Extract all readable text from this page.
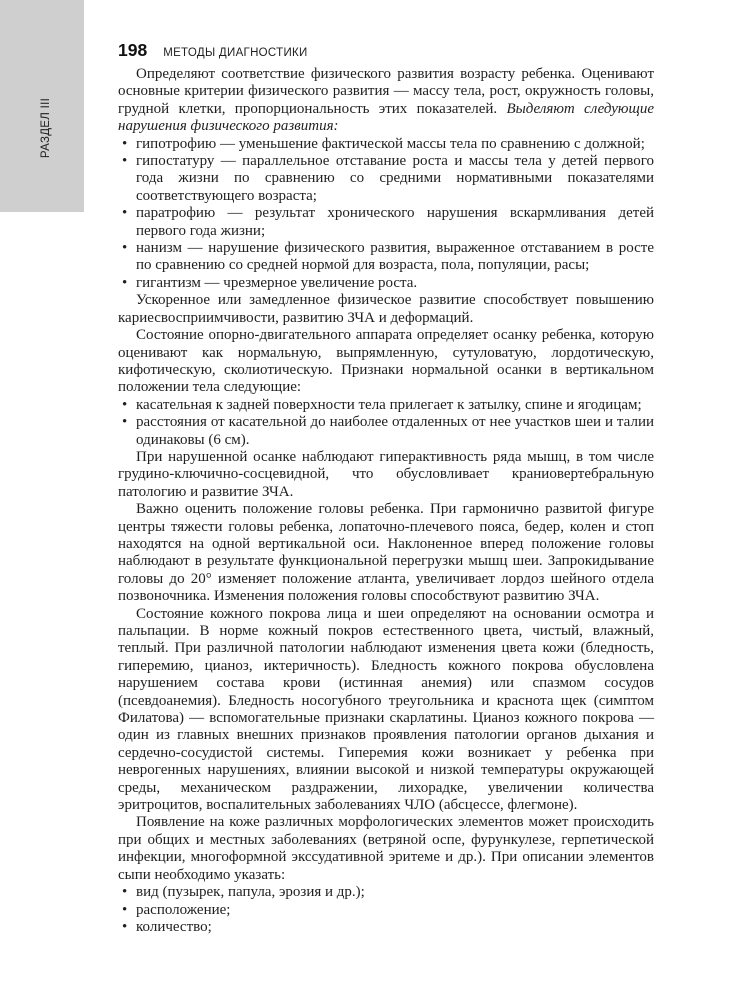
РАЗДЕЛ III
198 МЕТОДЫ ДИАГНОСТИКИ

Определяют соответствие физического развития возрасту ребенка. Оценивают основные критерии физического развития — массу тела, рост, окружность головы, грудной клетки, пропорциональность этих показателей. Выделяют следующие нарушения физического развития:

• гипотрофию — уменьшение фактической массы тела по сравнению с должной;
• гипостатуру — параллельное отставание роста и массы тела у детей первого года жизни по сравнению со средними нормативными показателями соответствующего возраста;
• паратрофию — результат хронического нарушения вскармливания детей первого года жизни;
• нанизм — нарушение физического развития, выраженное отставанием в росте по сравнению со средней нормой для возраста, пола, популяции, расы;
• гигантизм — чрезмерное увеличение роста.

Ускоренное или замедленное физическое развитие способствует повышению кариесвосприимчивости, развитию ЗЧА и деформаций.

Состояние опорно-двигательного аппарата определяет осанку ребенка, которую оценивают как нормальную, выпрямленную, сутуловатую, лордотическую, кифотическую, сколиотическую. Признаки нормальной осанки в вертикальном положении тела следующие:

• касательная к задней поверхности тела прилегает к затылку, спине и ягодицам;
• расстояния от касательной до наиболее отдаленных от нее участков шеи и талии одинаковы (6 см).

При нарушенной осанке наблюдают гиперактивность ряда мышц, в том числе грудино-ключично-сосцевидной, что обусловливает краниовертебральную патологию и развитие ЗЧА.

Важно оценить положение головы ребенка. При гармонично развитой фигуре центры тяжести головы ребенка, лопаточно-плечевого пояса, бедер, колен и стоп находятся на одной вертикальной оси. Наклоненное вперед положение головы наблюдают в результате функциональной перегрузки мышц шеи. Запрокидывание головы до 20° изменяет положение атланта, увеличивает лордоз шейного отдела позвоночника. Изменения положения головы способствуют развитию ЗЧА.

Состояние кожного покрова лица и шеи определяют на основании осмотра и пальпации. В норме кожный покров естественного цвета, чистый, влажный, теплый. При различной патологии наблюдают изменения цвета кожи (бледность, гиперемию, цианоз, иктеричность). Бледность кожного покрова обусловлена нарушением состава крови (истинная анемия) или спазмом сосудов (псевдоанемия). Бледность носогубного треугольника и краснота щек (симптом Филатова) — вспомогательные признаки скарлатины. Цианоз кожного покрова — один из главных внешних признаков проявления патологии органов дыхания и сердечно-сосудистой системы. Гиперемия кожи возникает у ребенка при неврогенных нарушениях, влиянии высокой и низкой температуры окружающей среды, механическом раздражении, лихорадке, увеличении количества эритроцитов, воспалительных заболеваниях ЧЛО (абсцессе, флегмоне).

Появление на коже различных морфологических элементов может происходить при общих и местных заболеваниях (ветряной оспе, фурункулезе, герпетической инфекции, многоформной экссудативной эритеме и др.). При описании элементов сыпи необходимо указать:

• вид (пузырек, папула, эрозия и др.);
• расположение;
• количество;
